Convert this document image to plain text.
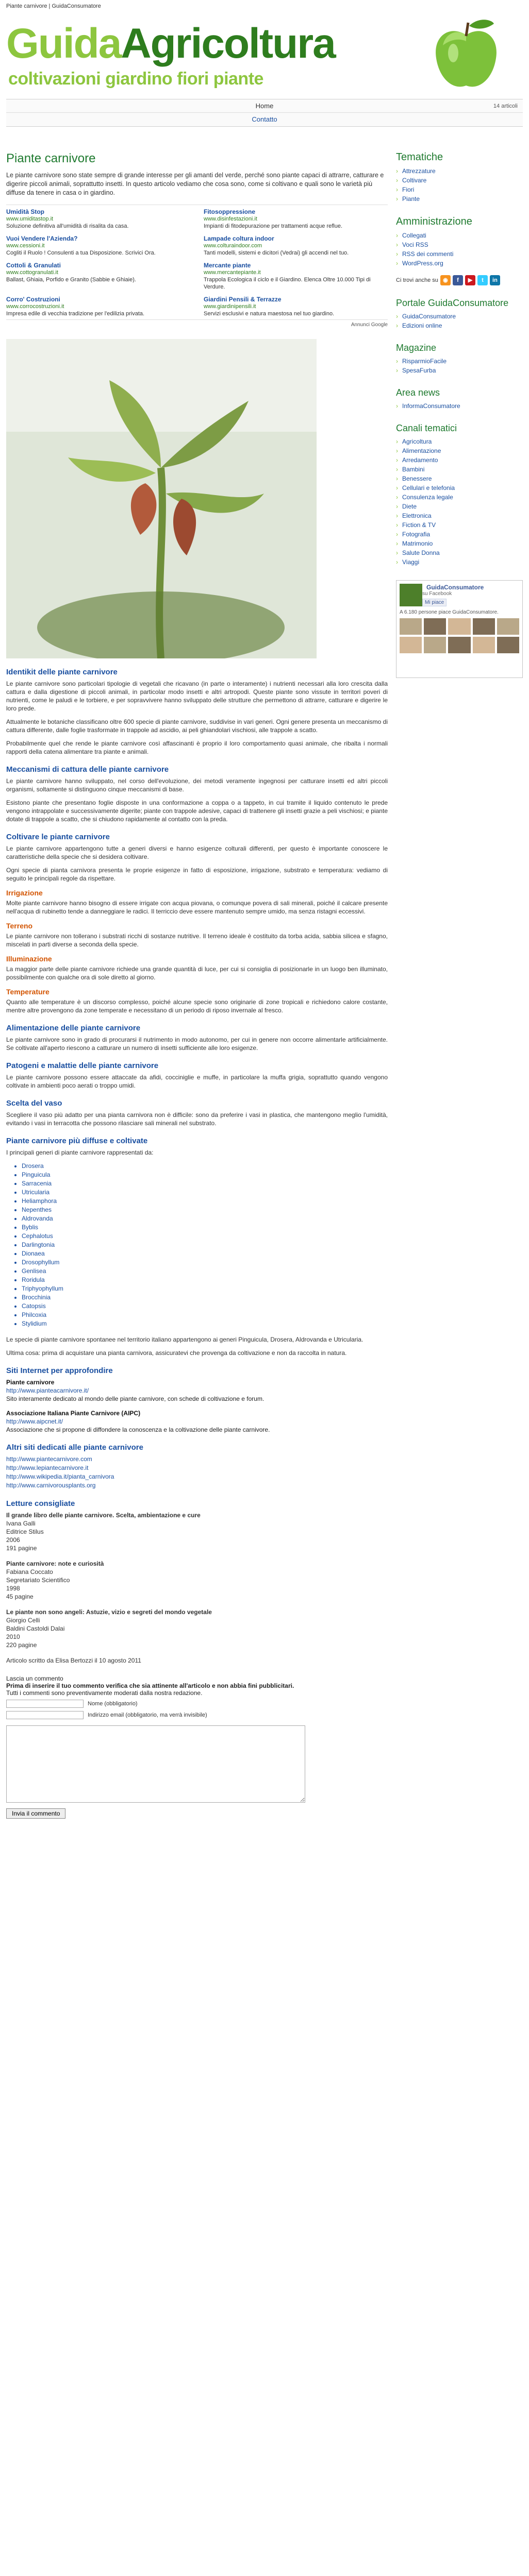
Piante carnivore | GuidaConsumatore
GuidaAgricoltura
coltivazioni giardino fiori piante
Home	14 articoli
Contatto
Piante carnivore

Le piante carnivore sono state sempre di grande interesse per gli amanti del verde, perché sono piante capaci di attrarre, catturare e digerire piccoli animali, soprattutto insetti. In questo articolo vediamo che cosa sono, come si coltivano e quali sono le varietà più diffuse da tenere in casa o in giardino.

Umidità Stop
www.umiditastop.it
Soluzione definitiva all'umidità di risalita da casa.
Fitosoppressione
www.disinfestazioni.it
Impianti di fitodepurazione per trattamenti acque reflue.
Vuoi Vendere l'Azienda?
www.cessioni.it
Cogliti il Ruolo ! Consulenti a tua Disposizione. Scrivici Ora.
Lampade coltura indoor
www.colturaindoor.com
Tanti modelli, sistemi e dicitori (Vedrai) gli accendi nel tuo.
Cottoli & Granulati
www.cottogranulati.it
Ballast, Ghiaia, Porfido e Granito (Sabbie e Ghiaie).
Mercante piante
www.mercantepiante.it
Trappola Ecologica il ciclo e il Giardino. Elenca Oltre 10.000 Tipi di Verdure.
Corro' Costruzioni
www.corrocostruzioni.it
Impresa edile di vecchia tradizione per l'edilizia privata.
Giardini Pensili & Terrazze
www.giardinipensili.it
Servizi esclusivi e natura maestosa nel tuo giardino.
Annunci Google
Identikit delle piante carnivore

Le piante carnivore sono particolari tipologie di vegetali che ricavano (in parte o interamente) i nutrienti necessari alla loro crescita dalla cattura e dalla digestione di piccoli animali, in particolar modo insetti e altri artropodi. Queste piante sono vissute in territori poveri di nutrienti, come le paludi e le torbiere, e per sopravvivere hanno sviluppato delle strutture che permettono di attrarre, catturare e digerire le loro prede.

Attualmente le botaniche classificano oltre 600 specie di piante carnivore, suddivise in vari generi. Ogni genere presenta un meccanismo di cattura differente, dalle foglie trasformate in trappole ad ascidio, ai peli ghiandolari vischiosi, alle trappole a scatto.

Probabilmente quel che rende le piante carnivore così affascinanti è proprio il loro comportamento quasi animale, che ribalta i normali rapporti della catena alimentare tra piante e animali.

Meccanismi di cattura delle piante carnivore

Le piante carnivore hanno sviluppato, nel corso dell'evoluzione, dei metodi veramente ingegnosi per catturare insetti ed altri piccoli organismi, soltamente si distinguono cinque meccanismi di base.

Esistono piante che presentano foglie disposte in una conformazione a coppa o a tappeto, in cui tramite il liquido contenuto le prede vengono intrappolate e successivamente digerite; piante con trappole adesive, capaci di trattenere gli insetti grazie a peli vischiosi; e piante dotate di trappole a scatto, che si chiudono rapidamente al contatto con la preda.

Coltivare le piante carnivore

Le piante carnivore appartengono tutte a generi diversi e hanno esigenze colturali differenti, per questo è importante conoscere le caratteristiche della specie che si desidera coltivare.

Ogni specie di pianta carnivora presenta le proprie esigenze in fatto di esposizione, irrigazione, substrato e temperatura: vediamo di seguito le principali regole da rispettare.

Irrigazione

Molte piante carnivore hanno bisogno di essere irrigate con acqua piovana, o comunque povera di sali minerali, poiché il calcare presente nell'acqua di rubinetto tende a danneggiare le radici. Il terriccio deve essere mantenuto sempre umido, ma senza ristagni eccessivi.

Terreno

Le piante carnivore non tollerano i substrati ricchi di sostanze nutritive. Il terreno ideale è costituito da torba acida, sabbia silicea e sfagno, miscelati in parti diverse a seconda della specie.

Illuminazione

La maggior parte delle piante carnivore richiede una grande quantità di luce, per cui si consiglia di posizionarle in un luogo ben illuminato, possibilmente con qualche ora di sole diretto al giorno.

Temperature

Quanto alle temperature è un discorso complesso, poiché alcune specie sono originarie di zone tropicali e richiedono calore costante, mentre altre provengono da zone temperate e necessitano di un periodo di riposo invernale al fresco.

Alimentazione delle piante carnivore

Le piante carnivore sono in grado di procurarsi il nutrimento in modo autonomo, per cui in genere non occorre alimentarle artificialmente. Se coltivate all'aperto riescono a catturare un numero di insetti sufficiente alle loro esigenze.

Patogeni e malattie delle piante carnivore

Le piante carnivore possono essere attaccate da afidi, cocciniglie e muffe, in particolare la muffa grigia, soprattutto quando vengono coltivate in ambienti poco aerati o troppo umidi.

Scelta del vaso

Scegliere il vaso più adatto per una pianta carnivora non è difficile: sono da preferire i vasi in plastica, che mantengono meglio l'umidità, evitando i vasi in terracotta che possono rilasciare sali minerali nel substrato.

Piante carnivore più diffuse e coltivate

I principali generi di piante carnivore rappresentati da:

• Drosera
• Pinguicula
• Sarracenia
• Utricularia
• Heliamphora
• Nepenthes
• Aldrovanda
• Byblis
• Cephalotus
• Darlingtonia
• Dionaea
• Drosophyllum
• Genlisea
• Roridula
• Triphyophyllum
• Brocchinia
• Catopsis
• Philcoxia
• Stylidium

Le specie di piante carnivore spontanee nel territorio italiano appartengono ai generi Pinguicula, Drosera, Aldrovanda e Utricularia.

Ultima cosa: prima di acquistare una pianta carnivora, assicuratevi che provenga da coltivazione e non da raccolta in natura.

Siti Internet per approfondire
Piante carnivore
http://www.pianteacarnivore.it/
Sito interamente dedicato al mondo delle piante carnivore, con schede di coltivazione e forum.
Associazione Italiana Piante Carnivore (AIPC)
http://www.aipcnet.it/
Associazione che si propone di diffondere la conoscenza e la coltivazione delle piante carnivore.
Altri siti dedicati alle piante carnivore
http://www.piantecarnivore.com
http://www.lepiantecarnivore.it
http://www.wikipedia.it/pianta_carnivora
http://www.carnivorousplants.org
Letture consigliate
Il grande libro delle piante carnivore. Scelta, ambientazione e cure
Ivana Galli
Editrice Stilus
2006
191 pagine
Piante carnivore: note e curiosità
Fabiana Coccato
Segretariato Scientifico
1998
45 pagine
Le piante non sono angeli: Astuzie, vizio e segreti del mondo vegetale
Giorgio Celli
Baldini Castoldi Dalai
2010
220 pagine

Articolo scritto da Elisa Bertozzi il 10 agosto 2011

Lascia un commento
Prima di inserire il tuo commento verifica che sia attinente all'articolo e non abbia fini pubblicitari.
Tutti i commenti sono preventivamente moderati dalla nostra redazione.
Nome (obbligatorio)
Indirizzo email (obbligatorio, ma verrà invisibile)
Invia il commento
Tematiche
› Attrezzature
› Coltivare
› Fiori
› Piante
Amministrazione
› Collegati
› Voci RSS
› RSS dei commenti
› WordPress.org
Ci trovi anche su ◉	f	▶	t	in
Portale GuidaConsumatore
› GuidaConsumatore
› Edizioni online
Magazine
› RisparmioFacile
› SpesaFurba
Area news
› InformaConsumatore
Canali tematici
› Agricoltura
› Alimentazione
› Arredamento
› Bambini
› Benessere
› Cellulari e telefonia
› Consulenza legale
› Diete
› Elettronica
› Fiction & TV
› Fotografia
› Matrimonio
› Salute Donna
› Viaggi
GuidaConsumatore
su Facebook
Mi piace
A 6.180 persone piace GuidaConsumatore.
